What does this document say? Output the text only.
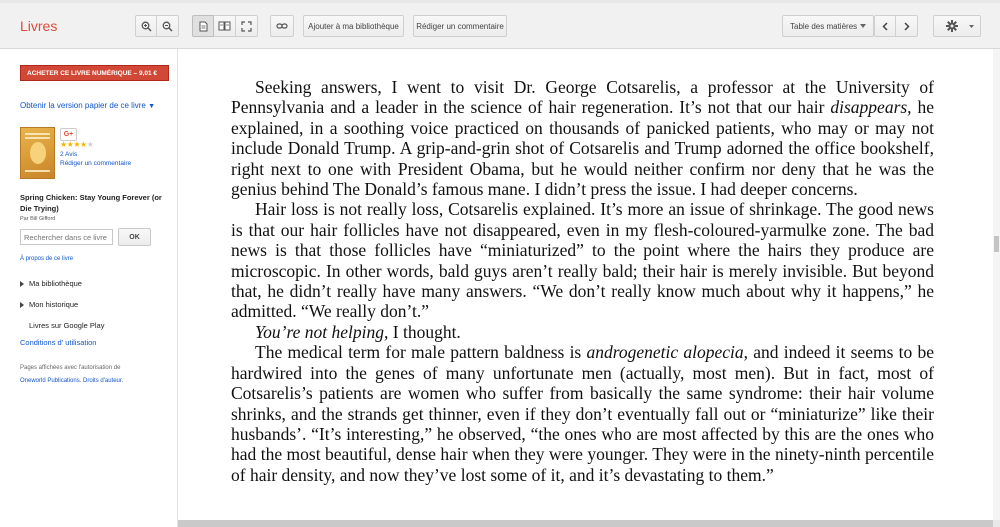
Livres	Ajouter à ma bibliothèque	Rédiger un commentaire	Table des matières
ACHETER CE LIVRE NUMÉRIQUE – 9,01 €
Obtenir la version papier de ce livre ▼
G+
★★★★★
2 Avis
Rédiger un commentaire
Spring Chicken: Stay Young Forever (or Die Trying)
Par Bill Gifford
Rechercher dans ce livre
OK
À propos de ce livre
Ma bibliothèque
Mon historique
Livres sur Google Play
Conditions d' utilisation
Pages affichées avec l'autorisation de
Oneworld Publications. Droits d'auteur.

Seeking answers, I went to visit Dr. George Cotsarelis, a professor at the University of Pennsylvania and a leader in the science of hair regeneration. It’s not that our hair disappears, he explained, in a soothing voice practiced on thousands of panicked patients, who may or may not include Donald Trump. A grip-and-grin shot of Cotsarelis and Trump adorned the office bookshelf, right next to one with President Obama, but he would neither confirm nor deny that he was the genius behind The Donald’s famous mane. I didn’t press the issue. I had deeper concerns.

Hair loss is not really loss, Cotsarelis explained. It’s more an issue of shrinkage. The good news is that our hair follicles have not disappeared, even in my flesh-coloured-yarmulke zone. The bad news is that those follicles have “miniaturized” to the point where the hairs they produce are microscopic. In other words, bald guys aren’t really bald; their hair is merely invisible. But beyond that, he didn’t really have many answers. “We don’t really know much about why it happens,” he admitted. “We really don’t.”

You’re not helping, I thought.

The medical term for male pattern baldness is androgenetic alopecia, and indeed it seems to be hardwired into the genes of many unfortunate men (actually, most men). But in fact, most of Cotsarelis’s patients are women who suffer from basically the same syndrome: their hair volume shrinks, and the strands get thinner, even if they don’t eventually fall out or “miniaturize” like their husbands’. “It’s interesting,” he observed, “the ones who are most affected by this are the ones who had the most beautiful, dense hair when they were younger. They were in the ninety-ninth percentile of hair density, and now they’ve lost some of it, and it’s devastating to them.”
